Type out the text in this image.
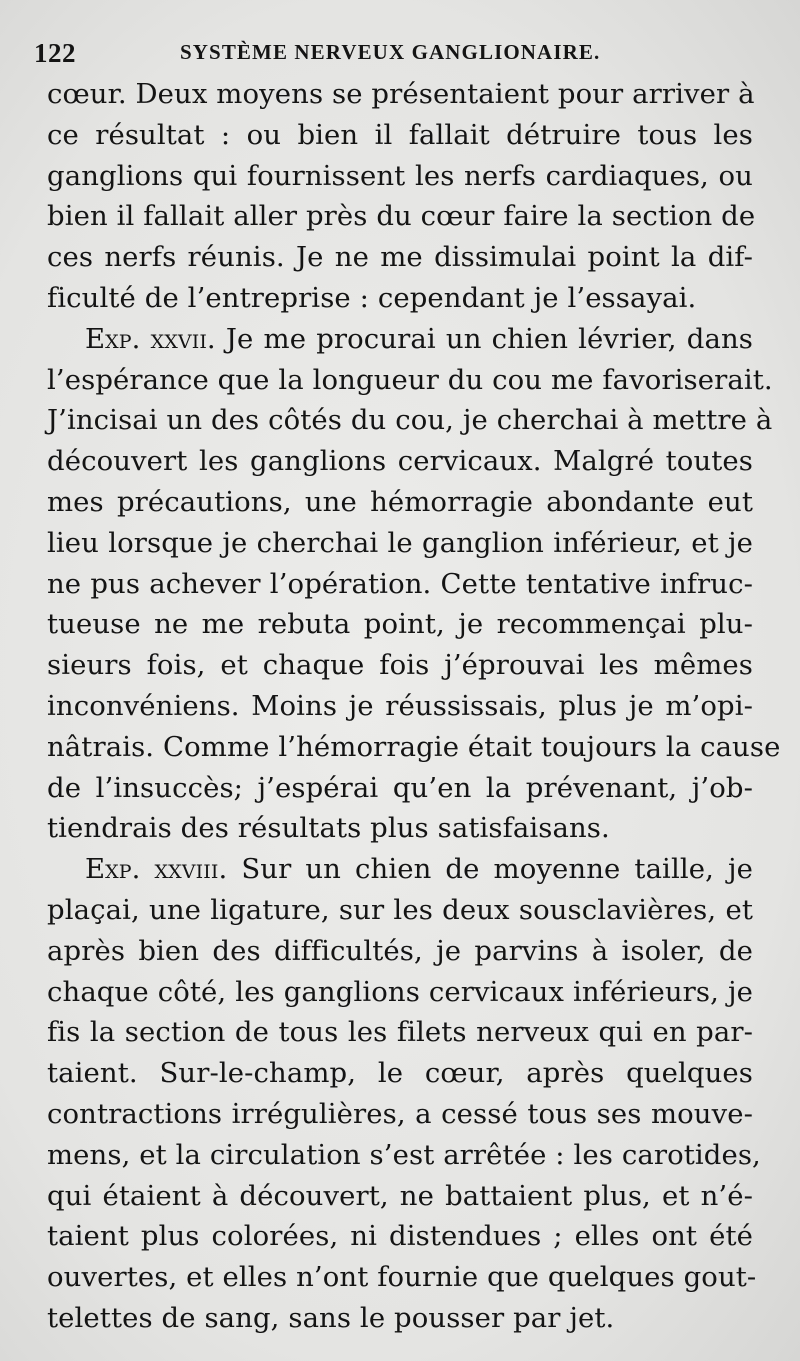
122	SYSTÈME NERVEUX GANGLIONAIRE.
cœur. Deux moyens se présentaient pour arriver à
ce résultat : ou bien il fallait détruire tous les
ganglions qui fournissent les nerfs cardiaques, ou
bien il fallait aller près du cœur faire la section de
ces nerfs réunis. Je ne me dissimulai point la dif-
ficulté de l’entreprise : cependant je l’essayai.
Exp. xxvii. Je me procurai un chien lévrier, dans
l’espérance que la longueur du cou me favoriserait.
J’incisai un des côtés du cou, je cherchai à mettre à
découvert les ganglions cervicaux. Malgré toutes
mes précautions, une hémorragie abondante eut
lieu lorsque je cherchai le ganglion inférieur, et je
ne pus achever l’opération. Cette tentative infruc-
tueuse ne me rebuta point, je recommençai plu-
sieurs fois, et chaque fois j’éprouvai les mêmes
inconvéniens. Moins je réussissais, plus je m’opi-
nâtrais. Comme l’hémorragie était toujours la cause
de l’insuccès; j’espérai qu’en la prévenant, j’ob-
tiendrais des résultats plus satisfaisans.
Exp. xxviii. Sur un chien de moyenne taille, je
plaçai, une ligature, sur les deux sousclavières, et
après bien des difficultés, je parvins à isoler, de
chaque côté, les ganglions cervicaux inférieurs, je
fis la section de tous les filets nerveux qui en par-
taient. Sur-le-champ, le cœur, après quelques
contractions irrégulières, a cessé tous ses mouve-
mens, et la circulation s’est arrêtée : les carotides,
qui étaient à découvert, ne battaient plus, et n’é-
taient plus colorées, ni distendues ; elles ont été
ouvertes, et elles n’ont fournie que quelques gout-
telettes de sang, sans le pousser par jet.
